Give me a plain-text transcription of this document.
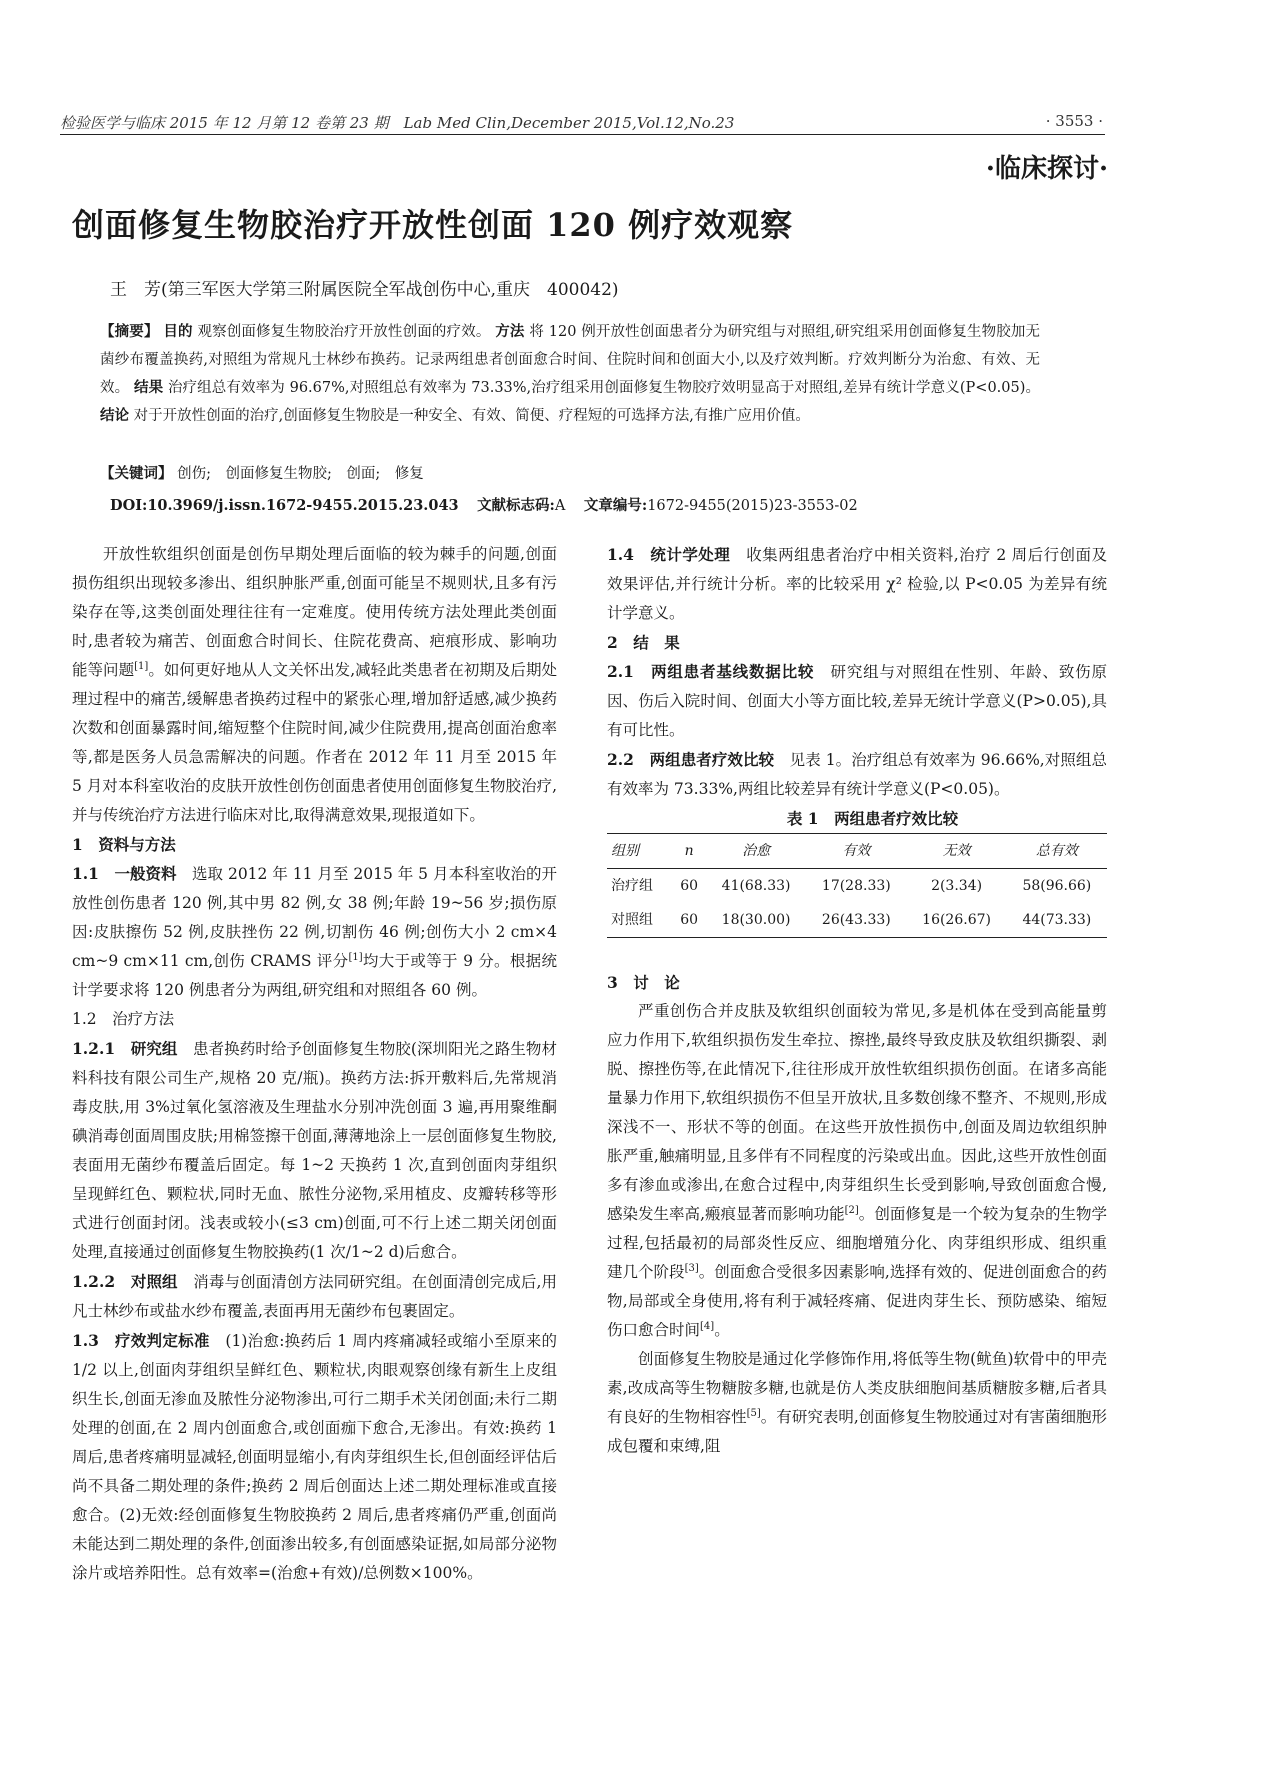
检验医学与临床 2015 年 12 月第 12 卷第 23 期　Lab Med Clin,December 2015,Vol.12,No.23	· 3553 ·
·临床探讨·
创面修复生物胶治疗开放性创面 120 例疗效观察
王　芳(第三军医大学第三附属医院全军战创伤中心,重庆　400042)
【摘要】 目的 观察创面修复生物胶治疗开放性创面的疗效。 方法 将 120 例开放性创面患者分为研究组与对照组,研究组采用创面修复生物胶加无菌纱布覆盖换药,对照组为常规凡士林纱布换药。记录两组患者创面愈合时间、住院时间和创面大小,以及疗效判断。疗效判断分为治愈、有效、无效。 结果 治疗组总有效率为 96.67%,对照组总有效率为 73.33%,治疗组采用创面修复生物胶疗效明显高于对照组,差异有统计学意义(P<0.05)。 结论 对于开放性创面的治疗,创面修复生物胶是一种安全、有效、简便、疗程短的可选择方法,有推广应用价值。
【关键词】 创伤;　创面修复生物胶;　创面;　修复
DOI:10.3969/j.issn.1672-9455.2015.23.043 文献标志码:A 文章编号:1672-9455(2015)23-3553-02

开放性软组织创面是创伤早期处理后面临的较为棘手的问题,创面损伤组织出现较多渗出、组织肿胀严重,创面可能呈不规则状,且多有污染存在等,这类创面处理往往有一定难度。使用传统方法处理此类创面时,患者较为痛苦、创面愈合时间长、住院花费高、疤痕形成、影响功能等问题[1]。如何更好地从人文关怀出发,减轻此类患者在初期及后期处理过程中的痛苦,缓解患者换药过程中的紧张心理,增加舒适感,减少换药次数和创面暴露时间,缩短整个住院时间,减少住院费用,提高创面治愈率等,都是医务人员急需解决的问题。作者在 2012 年 11 月至 2015 年 5 月对本科室收治的皮肤开放性创伤创面患者使用创面修复生物胶治疗,并与传统治疗方法进行临床对比,取得满意效果,现报道如下。

1　资料与方法

1.1　一般资料　 选取 2012 年 11 月至 2015 年 5 月本科室收治的开放性创伤患者 120 例,其中男 82 例,女 38 例;年龄 19~56 岁;损伤原因:皮肤擦伤 52 例,皮肤挫伤 22 例,切割伤 46 例;创伤大小 2 cm×4 cm~9 cm×11 cm,创伤 CRAMS 评分[1]均大于或等于 9 分。根据统计学要求将 120 例患者分为两组,研究组和对照组各 60 例。

1.2　治疗方法

1.2.1　研究组　 患者换药时给予创面修复生物胶(深圳阳光之路生物材料科技有限公司生产,规格 20 克/瓶)。换药方法:拆开敷料后,先常规消毒皮肤,用 3%过氧化氢溶液及生理盐水分别冲洗创面 3 遍,再用聚维酮碘消毒创面周围皮肤;用棉签擦干创面,薄薄地涂上一层创面修复生物胶,表面用无菌纱布覆盖后固定。每 1~2 天换药 1 次,直到创面肉芽组织呈现鲜红色、颗粒状,同时无血、脓性分泌物,采用植皮、皮瓣转移等形式进行创面封闭。浅表或较小(≤3 cm)创面,可不行上述二期关闭创面处理,直接通过创面修复生物胶换药(1 次/1~2 d)后愈合。

1.2.2　对照组　 消毒与创面清创方法同研究组。在创面清创完成后,用凡士林纱布或盐水纱布覆盖,表面再用无菌纱布包裹固定。

1.3　疗效判定标准　 (1)治愈:换药后 1 周内疼痛减轻或缩小至原来的 1/2 以上,创面肉芽组织呈鲜红色、颗粒状,肉眼观察创缘有新生上皮组织生长,创面无渗血及脓性分泌物渗出,可行二期手术关闭创面;未行二期处理的创面,在 2 周内创面愈合,或创面痂下愈合,无渗出。有效:换药 1 周后,患者疼痛明显减轻,创面明显缩小,有肉芽组织生长,但创面经评估后尚不具备二期处理的条件;换药 2 周后创面达上述二期处理标准或直接愈合。(2)无效:经创面修复生物胶换药 2 周后,患者疼痛仍严重,创面尚未能达到二期处理的条件,创面渗出较多,有创面感染证据,如局部分泌物涂片或培养阳性。总有效率=(治愈+有效)/总例数×100%。

1.4　统计学处理　 收集两组患者治疗中相关资料,治疗 2 周后行创面及效果评估,并行统计分析。率的比较采用 χ² 检验,以 P<0.05 为差异有统计学意义。

2　结　果

2.1　两组患者基线数据比较　 研究组与对照组在性别、年龄、致伤原因、伤后入院时间、创面大小等方面比较,差异无统计学意义(P>0.05),具有可比性。

2.2　两组患者疗效比较　 见表 1。治疗组总有效率为 96.66%,对照组总有效率为 73.33%,两组比较差异有统计学意义(P<0.05)。

表 1　两组患者疗效比较

组别	n	治愈	有效	无效	总有效
治疗组	60	41(68.33)	17(28.33)	2(3.34)	58(96.66)
对照组	60	18(30.00)	26(43.33)	16(26.67)	44(73.33)

3　讨　论

严重创伤合并皮肤及软组织创面较为常见,多是机体在受到高能量剪应力作用下,软组织损伤发生牵拉、擦挫,最终导致皮肤及软组织撕裂、剥脱、擦挫伤等,在此情况下,往往形成开放性软组织损伤创面。在诸多高能量暴力作用下,软组织损伤不但呈开放状,且多数创缘不整齐、不规则,形成深浅不一、形状不等的创面。在这些开放性损伤中,创面及周边软组织肿胀严重,触痛明显,且多伴有不同程度的污染或出血。因此,这些开放性创面多有渗血或渗出,在愈合过程中,肉芽组织生长受到影响,导致创面愈合慢,感染发生率高,瘢痕显著而影响功能[2]。创面修复是一个较为复杂的生物学过程,包括最初的局部炎性反应、细胞增殖分化、肉芽组织形成、组织重建几个阶段[3]。创面愈合受很多因素影响,选择有效的、促进创面愈合的药物,局部或全身使用,将有利于减轻疼痛、促进肉芽生长、预防感染、缩短伤口愈合时间[4]。

创面修复生物胶是通过化学修饰作用,将低等生物(鱿鱼)软骨中的甲壳素,改成高等生物糖胺多糖,也就是仿人类皮肤细胞间基质糖胺多糖,后者具有良好的生物相容性[5]。有研究表明,创面修复生物胶通过对有害菌细胞形成包覆和束缚,阻
